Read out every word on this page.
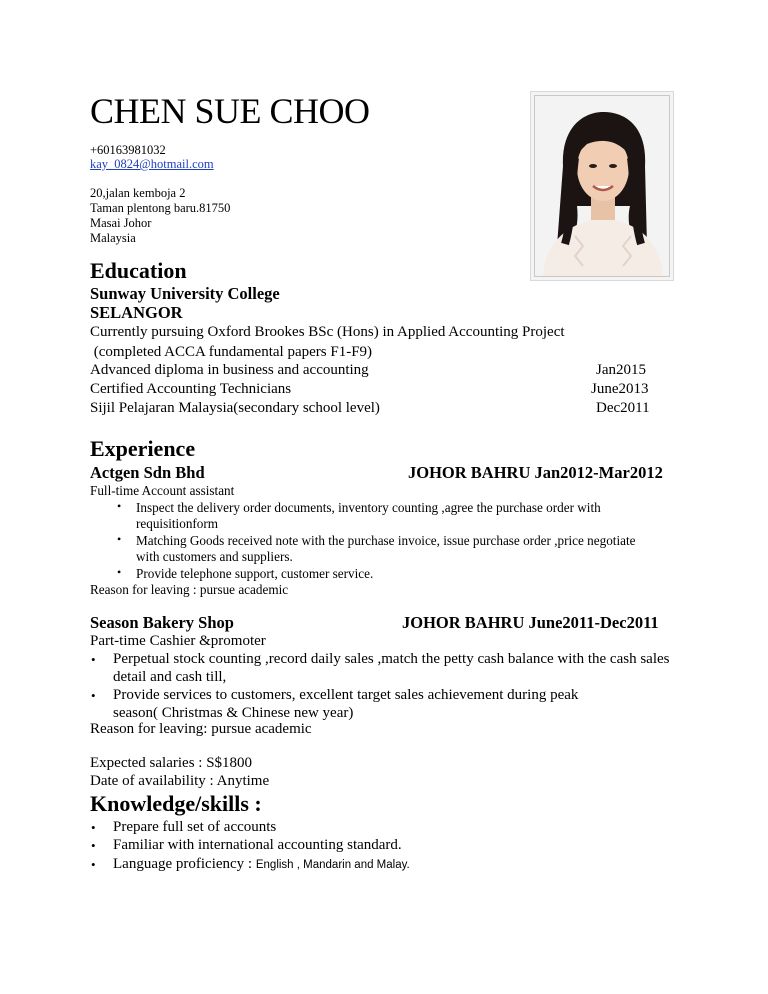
CHEN SUE CHOO
+60163981032
kay_0824@hotmail.com
20,jalan kemboja 2
Taman plentong baru.81750
Masai Johor
Malaysia
Education
Sunway University College
SELANGOR
Currently pursuing Oxford Brookes BSc (Hons) in Applied Accounting Project
(completed ACCA fundamental papers F1-F9)
Advanced diploma in business and accounting	Jan2015
Certified Accounting Technicians	June2013
Sijil Pelajaran Malaysia(secondary school level)	Dec2011
Experience
Actgen Sdn Bhd	JOHOR BAHRU Jan2012-Mar2012
Full-time Account assistant
• Inspect the delivery order documents, inventory counting ,agree the purchase order with
requisitionform
• Matching Goods received note with the purchase invoice, issue purchase order ,price negotiate
with customers and suppliers.
• Provide telephone support, customer service.
Reason for leaving : pursue academic
Season Bakery Shop	JOHOR BAHRU June2011-Dec2011
Part-time Cashier &promoter
• Perpetual stock counting ,record daily sales ,match the petty cash balance with the cash sales
detail and cash till,
• Provide services to customers, excellent target sales achievement during peak
season( Christmas & Chinese new year)
Reason for leaving: pursue academic
Expected salaries : S$1800
Date of availability : Anytime
Knowledge/skills :
• Prepare full set of accounts
• Familiar with international accounting standard.
• Language proficiency : English , Mandarin and Malay.
